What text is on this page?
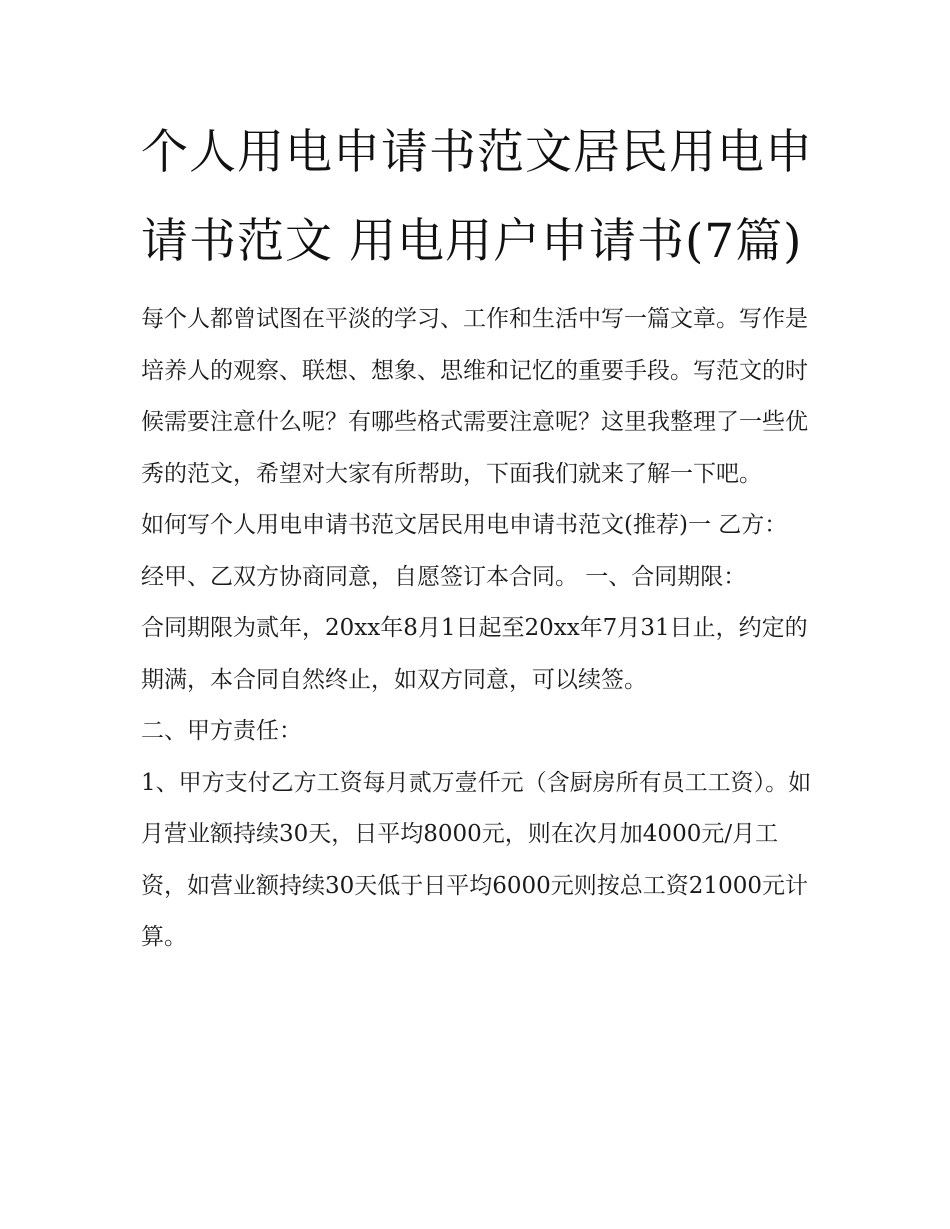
个人用电申请书范文居民用电申请书范文 用电用户申请书(7篇)

每个人都曾试图在平淡的学习、工作和生活中写一篇文章。写作是培养人的观察、联想、想象、思维和记忆的重要手段。写范文的时候需要注意什么呢？有哪些格式需要注意呢？这里我整理了一些优秀的范文，希望对大家有所帮助，下面我们就来了解一下吧。

如何写个人用电申请书范文居民用电申请书范文(推荐)一 乙方： 经甲、乙双方协商同意，自愿签订本合同。 一、合同期限：

合同期限为贰年，20xx年8月1日起至20xx年7月31日止，约定的期满，本合同自然终止，如双方同意，可以续签。

二、甲方责任：

1、甲方支付乙方工资每月贰万壹仟元（含厨房所有员工工资）。如月营业额持续30天，日平均8000元，则在次月加4000元/月工资，如营业额持续30天低于日平均6000元则按总工资21000元计算。
